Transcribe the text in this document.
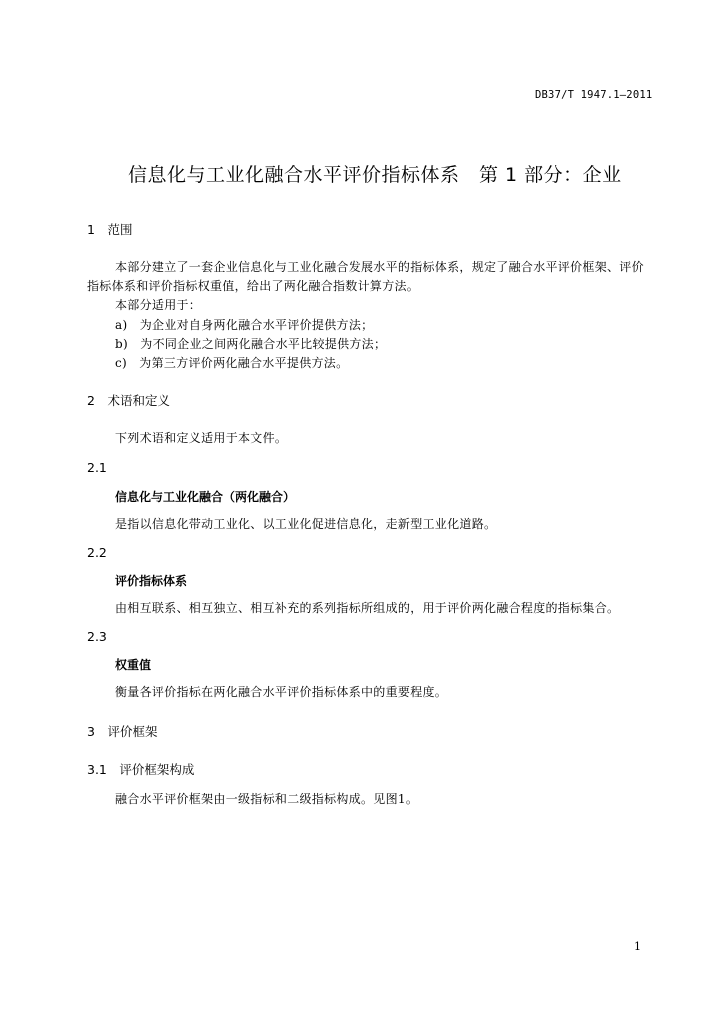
DB37/T 1947.1—2011
信息化与工业化融合水平评价指标体系　第 1 部分：企业
1　范围
本部分建立了一套企业信息化与工业化融合发展水平的指标体系，规定了融合水平评价框架、评价
指标体系和评价指标权重值，给出了两化融合指数计算方法。
本部分适用于：
a)　为企业对自身两化融合水平评价提供方法；
b)　为不同企业之间两化融合水平比较提供方法；
c)　为第三方评价两化融合水平提供方法。
2　术语和定义
下列术语和定义适用于本文件。
2.1
信息化与工业化融合（两化融合）
是指以信息化带动工业化、以工业化促进信息化，走新型工业化道路。
2.2
评价指标体系
由相互联系、相互独立、相互补充的系列指标所组成的，用于评价两化融合程度的指标集合。
2.3
权重值
衡量各评价指标在两化融合水平评价指标体系中的重要程度。
3　评价框架
3.1　评价框架构成
融合水平评价框架由一级指标和二级指标构成。见图1。
1
